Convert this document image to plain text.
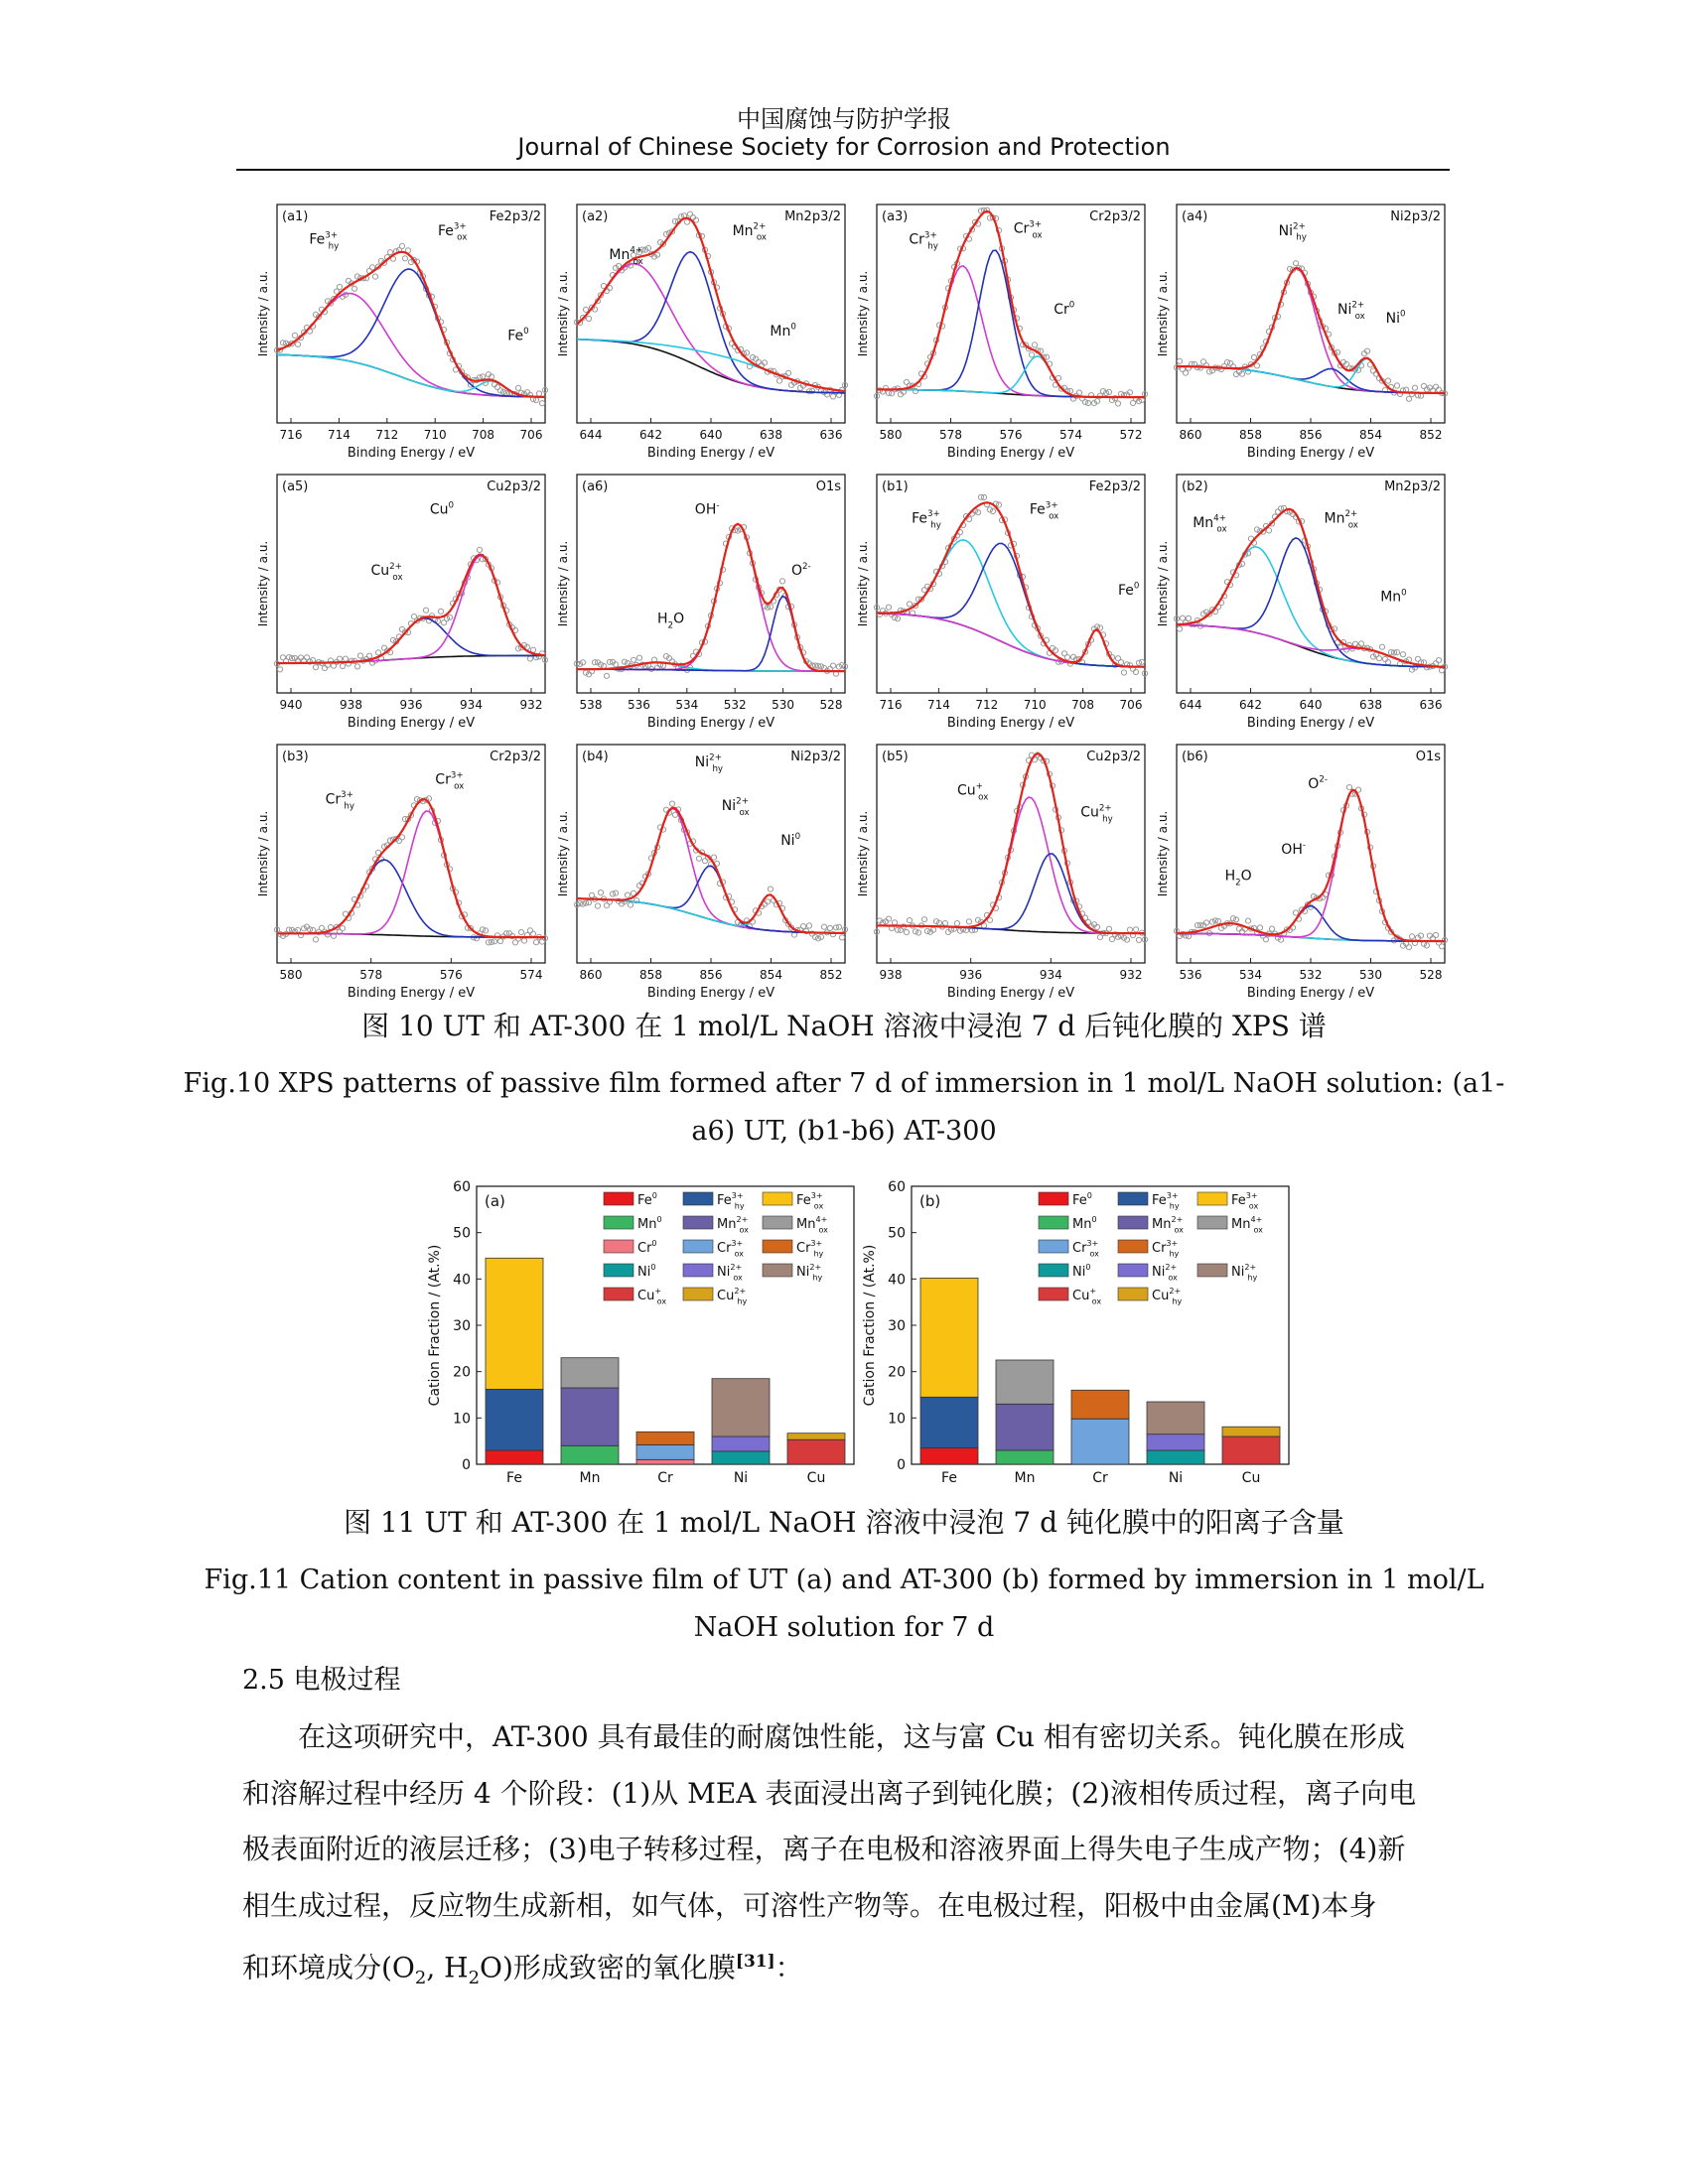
中国腐蚀与防护学报
Journal of Chinese Society for Corrosion and Protection
(a1)	Fe2p3/2
$Fe^{3+}$ hy
$Fe^{3+}$ ox
Fe$^0$
716 714 712 710 708 706
Binding Energy / eV
Intensity / a.u.
(a2)	Mn2p3/2
$Mn^{4+}$ ox
$Mn^{2+}$ ox
Mn$^0$
644	642	640	638	636
Binding Energy / eV
Intensity / a.u.
(a3)	Cr2p3/2
$Cr^{3+}$ hy
$Cr^{3+}$ ox
Cr$^0$
580	578	576	574	572
Binding Energy / eV
Intensity / a.u.
(a4)	Ni2p3/2
$Ni^{2+}$ hy
$Ni^{2+}$ ox Ni$^0$
860	858	856	854	852
Binding Energy / eV
Intensity / a.u.
(a5)	Cu2p3/2
$Cu^{2+}$ ox
Cu$^0$
940	938	936	934	932
Binding Energy / eV
Intensity / a.u.
(a6)	O1s
$H_2O$
OH-
$O^{2-}$
538 536 534 532 530 528
Binding Energy / eV
Intensity / a.u.
(b1)	Fe2p3/2
$Fe^{3+}$ hy
$Fe^{3+}$ ox
Fe$^0$
716 714 712 710 708 706
Binding Energy / eV
Intensity / a.u.
(b2)	Mn2p3/2
$Mn^{4+}$ ox
$Mn^{2+}$ ox
Mn$^0$
644	642	640	638	636
Binding Energy / eV
Intensity / a.u.
(b3)	Cr2p3/2
$Cr^{3+}$ hy
$Cr^{3+}$ ox
580	578	576	574
Binding Energy / eV
Intensity / a.u.
(b4)	Ni2p3/2
$Ni^{2+}$ hy
$Ni^{2+}$ ox
Ni$^0$
860	858	856	854	852
Binding Energy / eV
Intensity / a.u.
(b5)	Cu2p3/2
Cu+ ox
$Cu^{2+}$ hy
938	936	934	932
Binding Energy / eV
Intensity / a.u.
(b6)	O1s
$H_2O$
OH-
$O^{2-}$
536	534	532	530	528
Binding Energy / eV
Intensity / a.u.
图 10 UT 和 AT-300 在 1 mol/L NaOH 溶液中浸泡 7 d 后钝化膜的 XPS 谱
Fig.10 XPS patterns of passive film formed after 7 d of immersion in 1 mol/L NaOH solution: (a1-
a6) UT, (b1-b6) AT-300
0
10
20
30
40
50
60
Cation Fraction / (At.%)
(a)
Fe	Mn	Cr	Ni	Cu
Fe$^0$	$Fe^{3+}$ hy	$Fe^{3+}$ ox
Mn$^0$	$Mn^{2+}$ ox	$Mn^{4+}$ ox
Cr$^0$	$Cr^{3+}$ ox	$Cr^{3+}$ hy
Ni$^0$	$Ni^{2+}$ ox	$Ni^{2+}$ hy
Cu+ ox	$Cu^{2+}$ hy
0
10
20
30
40
50
60
Cation Fraction / (At.%)
(b)
Fe	Mn	Cr	Ni	Cu
Fe$^0$	$Fe^{3+}$ hy	$Fe^{3+}$ ox
Mn$^0$	$Mn^{2+}$ ox	$Mn^{4+}$ ox
$Cr^{3+}$ ox	$Cr^{3+}$ hy
Ni$^0$	$Ni^{2+}$ ox	$Ni^{2+}$ hy
Cu+ ox	$Cu^{2+}$ hy
图 11 UT 和 AT-300 在 1 mol/L NaOH 溶液中浸泡 7 d 钝化膜中的阳离子含量
Fig.11 Cation content in passive film of UT (a) and AT-300 (b) formed by immersion in 1 mol/L
NaOH solution for 7 d
2.5 电极过程

在这项研究中，AT-300 具有最佳的耐腐蚀性能，这与富 Cu 相有密切关系。钝化膜在形成

和溶解过程中经历 4 个阶段：(1)从 MEA 表面浸出离子到钝化膜；(2)液相传质过程，离子向电

极表面附近的液层迁移；(3)电子转移过程，离子在电极和溶液界面上得失电子生成产物；(4)新

相生成过程，反应物生成新相，如气体，可溶性产物等。在电极过程，阳极中由金属(M)本身

和环境成分($O_2$, $H_2O$)形成致密的氧化膜[31]：
